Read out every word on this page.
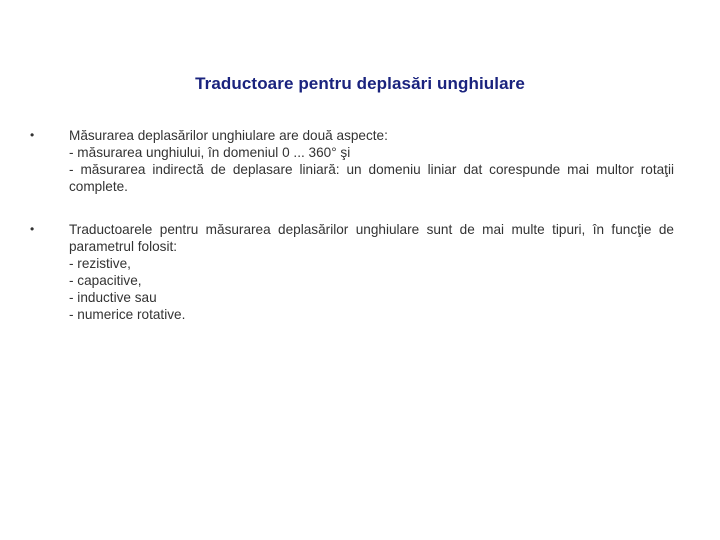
Traductoare pentru deplasări unghiulare
•	Măsurarea deplasărilor unghiulare are două aspecte:
- măsurarea unghiului, în domeniul 0 ... 360° şi
- măsurarea indirectă de deplasare liniară: un domeniu liniar dat corespunde mai multor rotaţii complete.
•	Traductoarele pentru măsurarea deplasărilor unghiulare sunt de mai multe tipuri, în funcţie de parametrul folosit:
- rezistive,
- capacitive,
- inductive sau
- numerice rotative.
